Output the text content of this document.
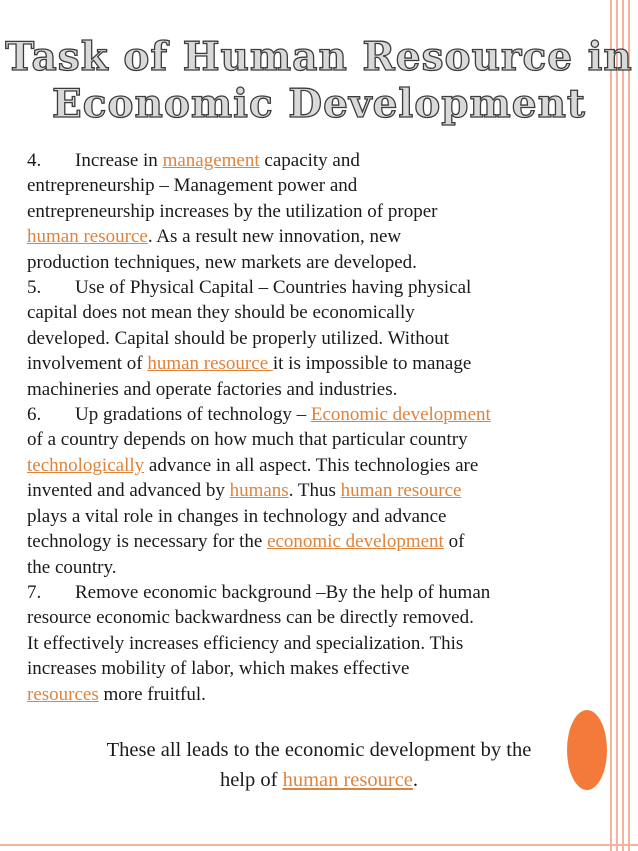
Task of Human Resource in
Economic Development

4. Increase in management capacity and

entrepreneurship – Management power and

entrepreneurship increases by the utilization of proper

human resource. As a result new innovation, new

production techniques, new markets are developed.

5. Use of Physical Capital – Countries having physical

capital does not mean they should be economically

developed. Capital should be properly utilized. Without

involvement of human resource it is impossible to manage

machineries and operate factories and industries.

6. Up gradations of technology – Economic development

of a country depends on how much that particular country

technologically advance in all aspect. This technologies are

invented and advanced by humans. Thus human resource

plays a vital role in changes in technology and advance

technology is necessary for the economic development of

the country.

7. Remove economic background –By the help of human

resource economic backwardness can be directly removed.

It effectively increases efficiency and specialization. This

increases mobility of labor, which makes effective

resources more fruitful.

These all leads to the economic development by the

help of human resource.
